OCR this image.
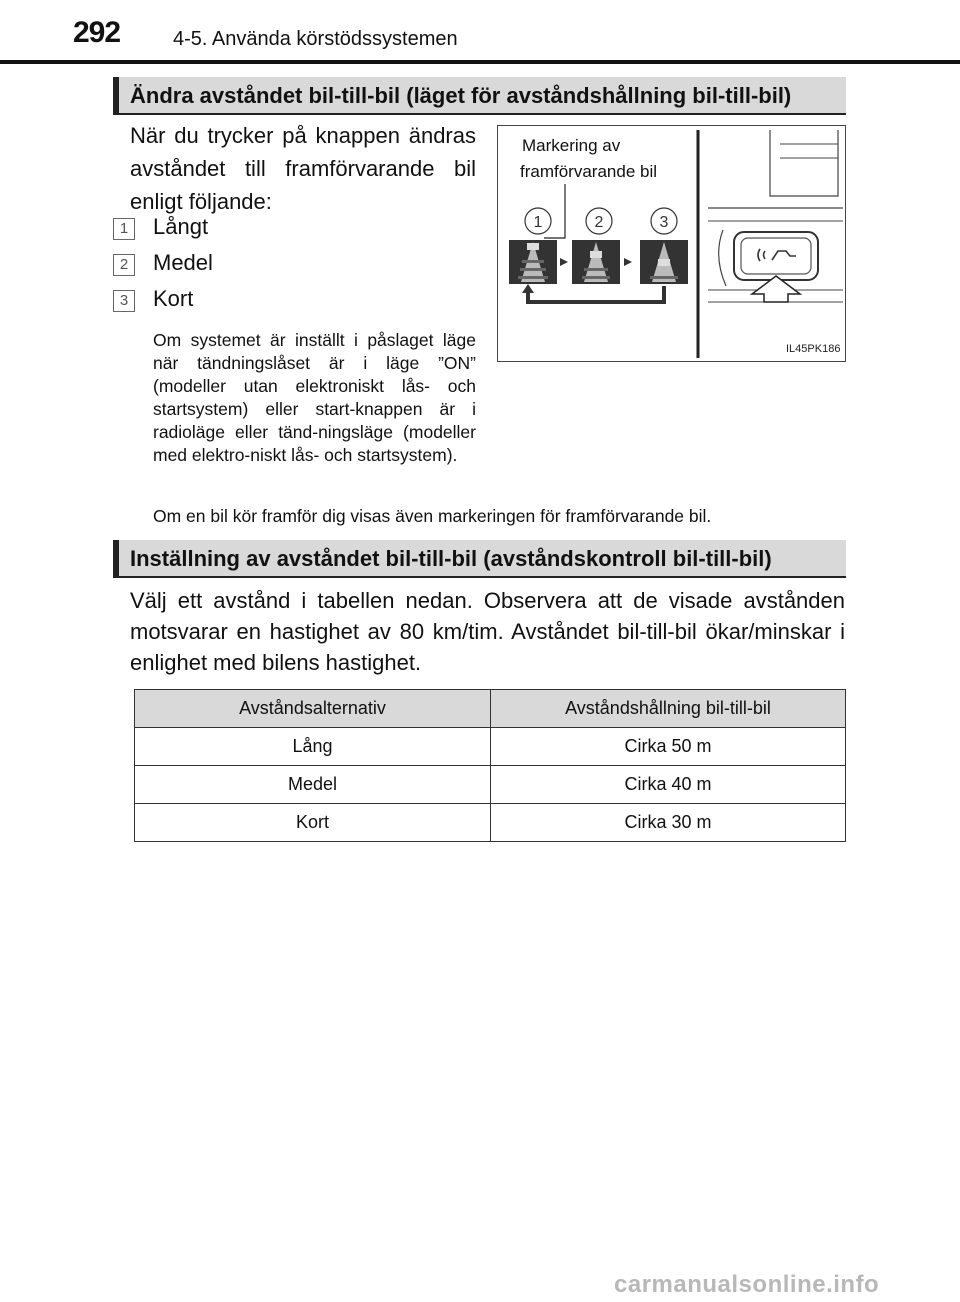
292	4-5. Använda körstödssystemen
Ändra avståndet bil-till-bil (läget för avståndshållning bil-till-bil)
När du trycker på knappen ändras avståndet till framförvarande bil enligt följande:
1 Långt
2 Medel
3 Kort
Om systemet är inställt i påslaget läge när tändningslåset är i läge ”ON” (modeller utan elektroniskt lås- och startsystem) eller start-knappen är i radioläge eller tänd-ningsläge (modeller med elektro-niskt lås- och startsystem).
Om en bil kör framför dig visas även markeringen för framförvarande bil.
Markering av
framförvarande bil
1	2	3
IL45PK186
Inställning av avståndet bil-till-bil (avståndskontroll bil-till-bil)
Välj ett avstånd i tabellen nedan. Observera att de visade avstånden motsvarar en hastighet av 80 km/tim. Avståndet bil-till-bil ökar/minskar i enlighet med bilens hastighet.
Avståndsalternativ	Avståndshållning bil-till-bil
Lång	Cirka 50 m
Medel	Cirka 40 m
Kort	Cirka 30 m
carmanualsonline.info
